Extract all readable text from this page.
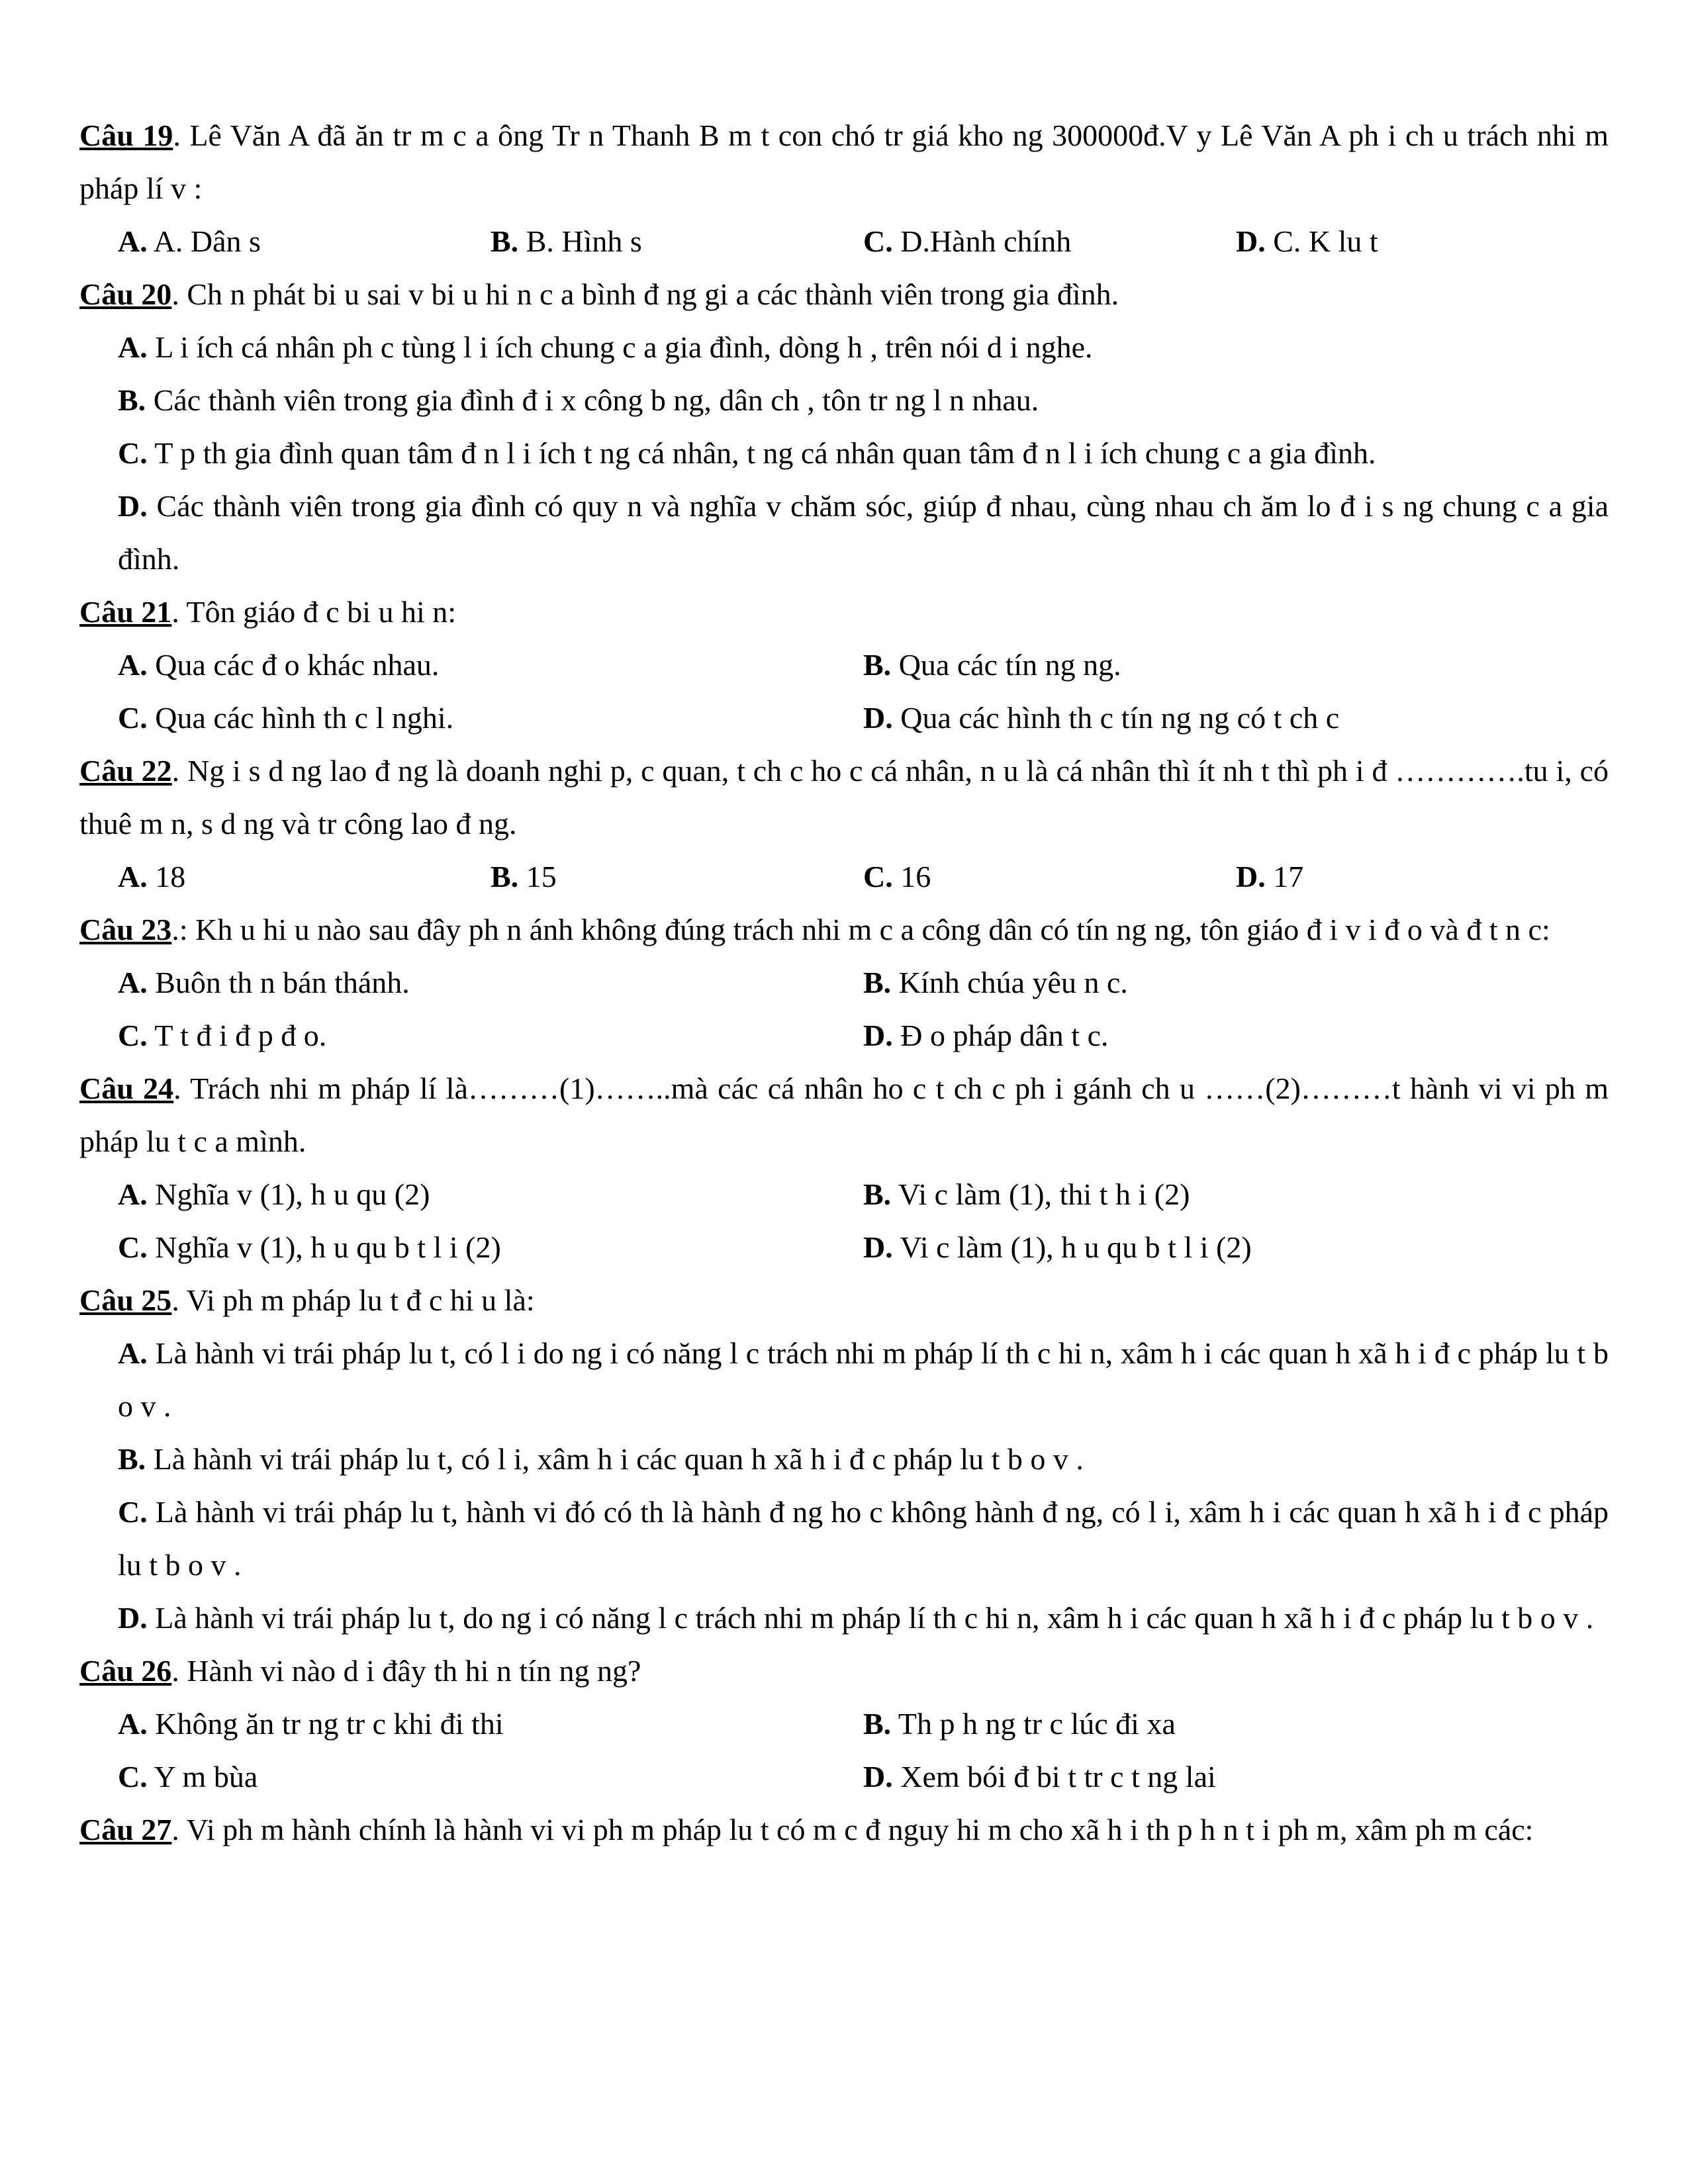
Câu 19. Lê Văn A đã ăn tr m c a ông Tr n Thanh B m t con chó tr giá kho ng 300000đ.V y Lê Văn A ph i ch u trách nhi m pháp lí v :
A. A. Dân s	B. B. Hình s	C. D.Hành chính	D. C. K lu t
Câu 20. Ch n phát bi u sai v bi u hi n c a bình đ ng gi a các thành viên trong gia đình.
A. L i ích cá nhân ph c tùng l i ích chung c a gia đình, dòng h , trên nói d i nghe.
B. Các thành viên trong gia đình đ i x công b ng, dân ch , tôn tr ng l n nhau.
C. T p th gia đình quan tâm đ n l i ích t ng cá nhân, t ng cá nhân quan tâm đ n l i ích chung c a gia đình.
D. Các thành viên trong gia đình có quy n và nghĩa v chăm sóc, giúp đ nhau, cùng nhau ch ăm lo đ i s ng chung c a gia đình.
Câu 21. Tôn giáo đ c bi u hi n:
A. Qua các đ o khác nhau.	B. Qua các tín ng ng.
C. Qua các hình th c l nghi.	D. Qua các hình th c tín ng ng có t ch c
Câu 22. Ng i s d ng lao đ ng là doanh nghi p, c quan, t ch c ho c cá nhân, n u là cá nhân thì ít nh t thì ph i đ ………….tu i, có thuê m n, s d ng và tr công lao đ ng.
A. 18	B. 15	C. 16	D. 17
Câu 23.: Kh u hi u nào sau đây ph n ánh không đúng trách nhi m c a công dân có tín ng ng, tôn giáo đ i v i đ o và đ t n c:
A. Buôn th n bán thánh.	B. Kính chúa yêu n c.
C. T t đ i đ p đ o.	D. Đ o pháp dân t c.
Câu 24. Trách nhi m pháp lí là………(1)……..mà các cá nhân ho c t ch c ph i gánh ch u ……(2)………t hành vi vi ph m pháp lu t c a mình.
A. Nghĩa v (1), h u qu (2)	B. Vi c làm (1), thi t h i (2)
C. Nghĩa v (1), h u qu b t l i (2)	D. Vi c làm (1), h u qu b t l i (2)
Câu 25. Vi ph m pháp lu t đ c hi u là:
A. Là hành vi trái pháp lu t, có l i do ng i có năng l c trách nhi m pháp lí th c hi n, xâm h i các quan h xã h i đ c pháp lu t b o v .
B. Là hành vi trái pháp lu t, có l i, xâm h i các quan h xã h i đ c pháp lu t b o v .
C. Là hành vi trái pháp lu t, hành vi đó có th là hành đ ng ho c không hành đ ng, có l i, xâm h i các quan h xã h i đ c pháp lu t b o v .
D. Là hành vi trái pháp lu t, do ng i có năng l c trách nhi m pháp lí th c hi n, xâm h i các quan h xã h i đ c pháp lu t b o v .
Câu 26. Hành vi nào d i đây th hi n tín ng ng?
A. Không ăn tr ng tr c khi đi thi	B. Th p h ng tr c lúc đi xa
C. Y m bùa	D. Xem bói đ bi t tr c t ng lai
Câu 27. Vi ph m hành chính là hành vi vi ph m pháp lu t có m c đ nguy hi m cho xã h i th p h n t i ph m, xâm ph m các:
